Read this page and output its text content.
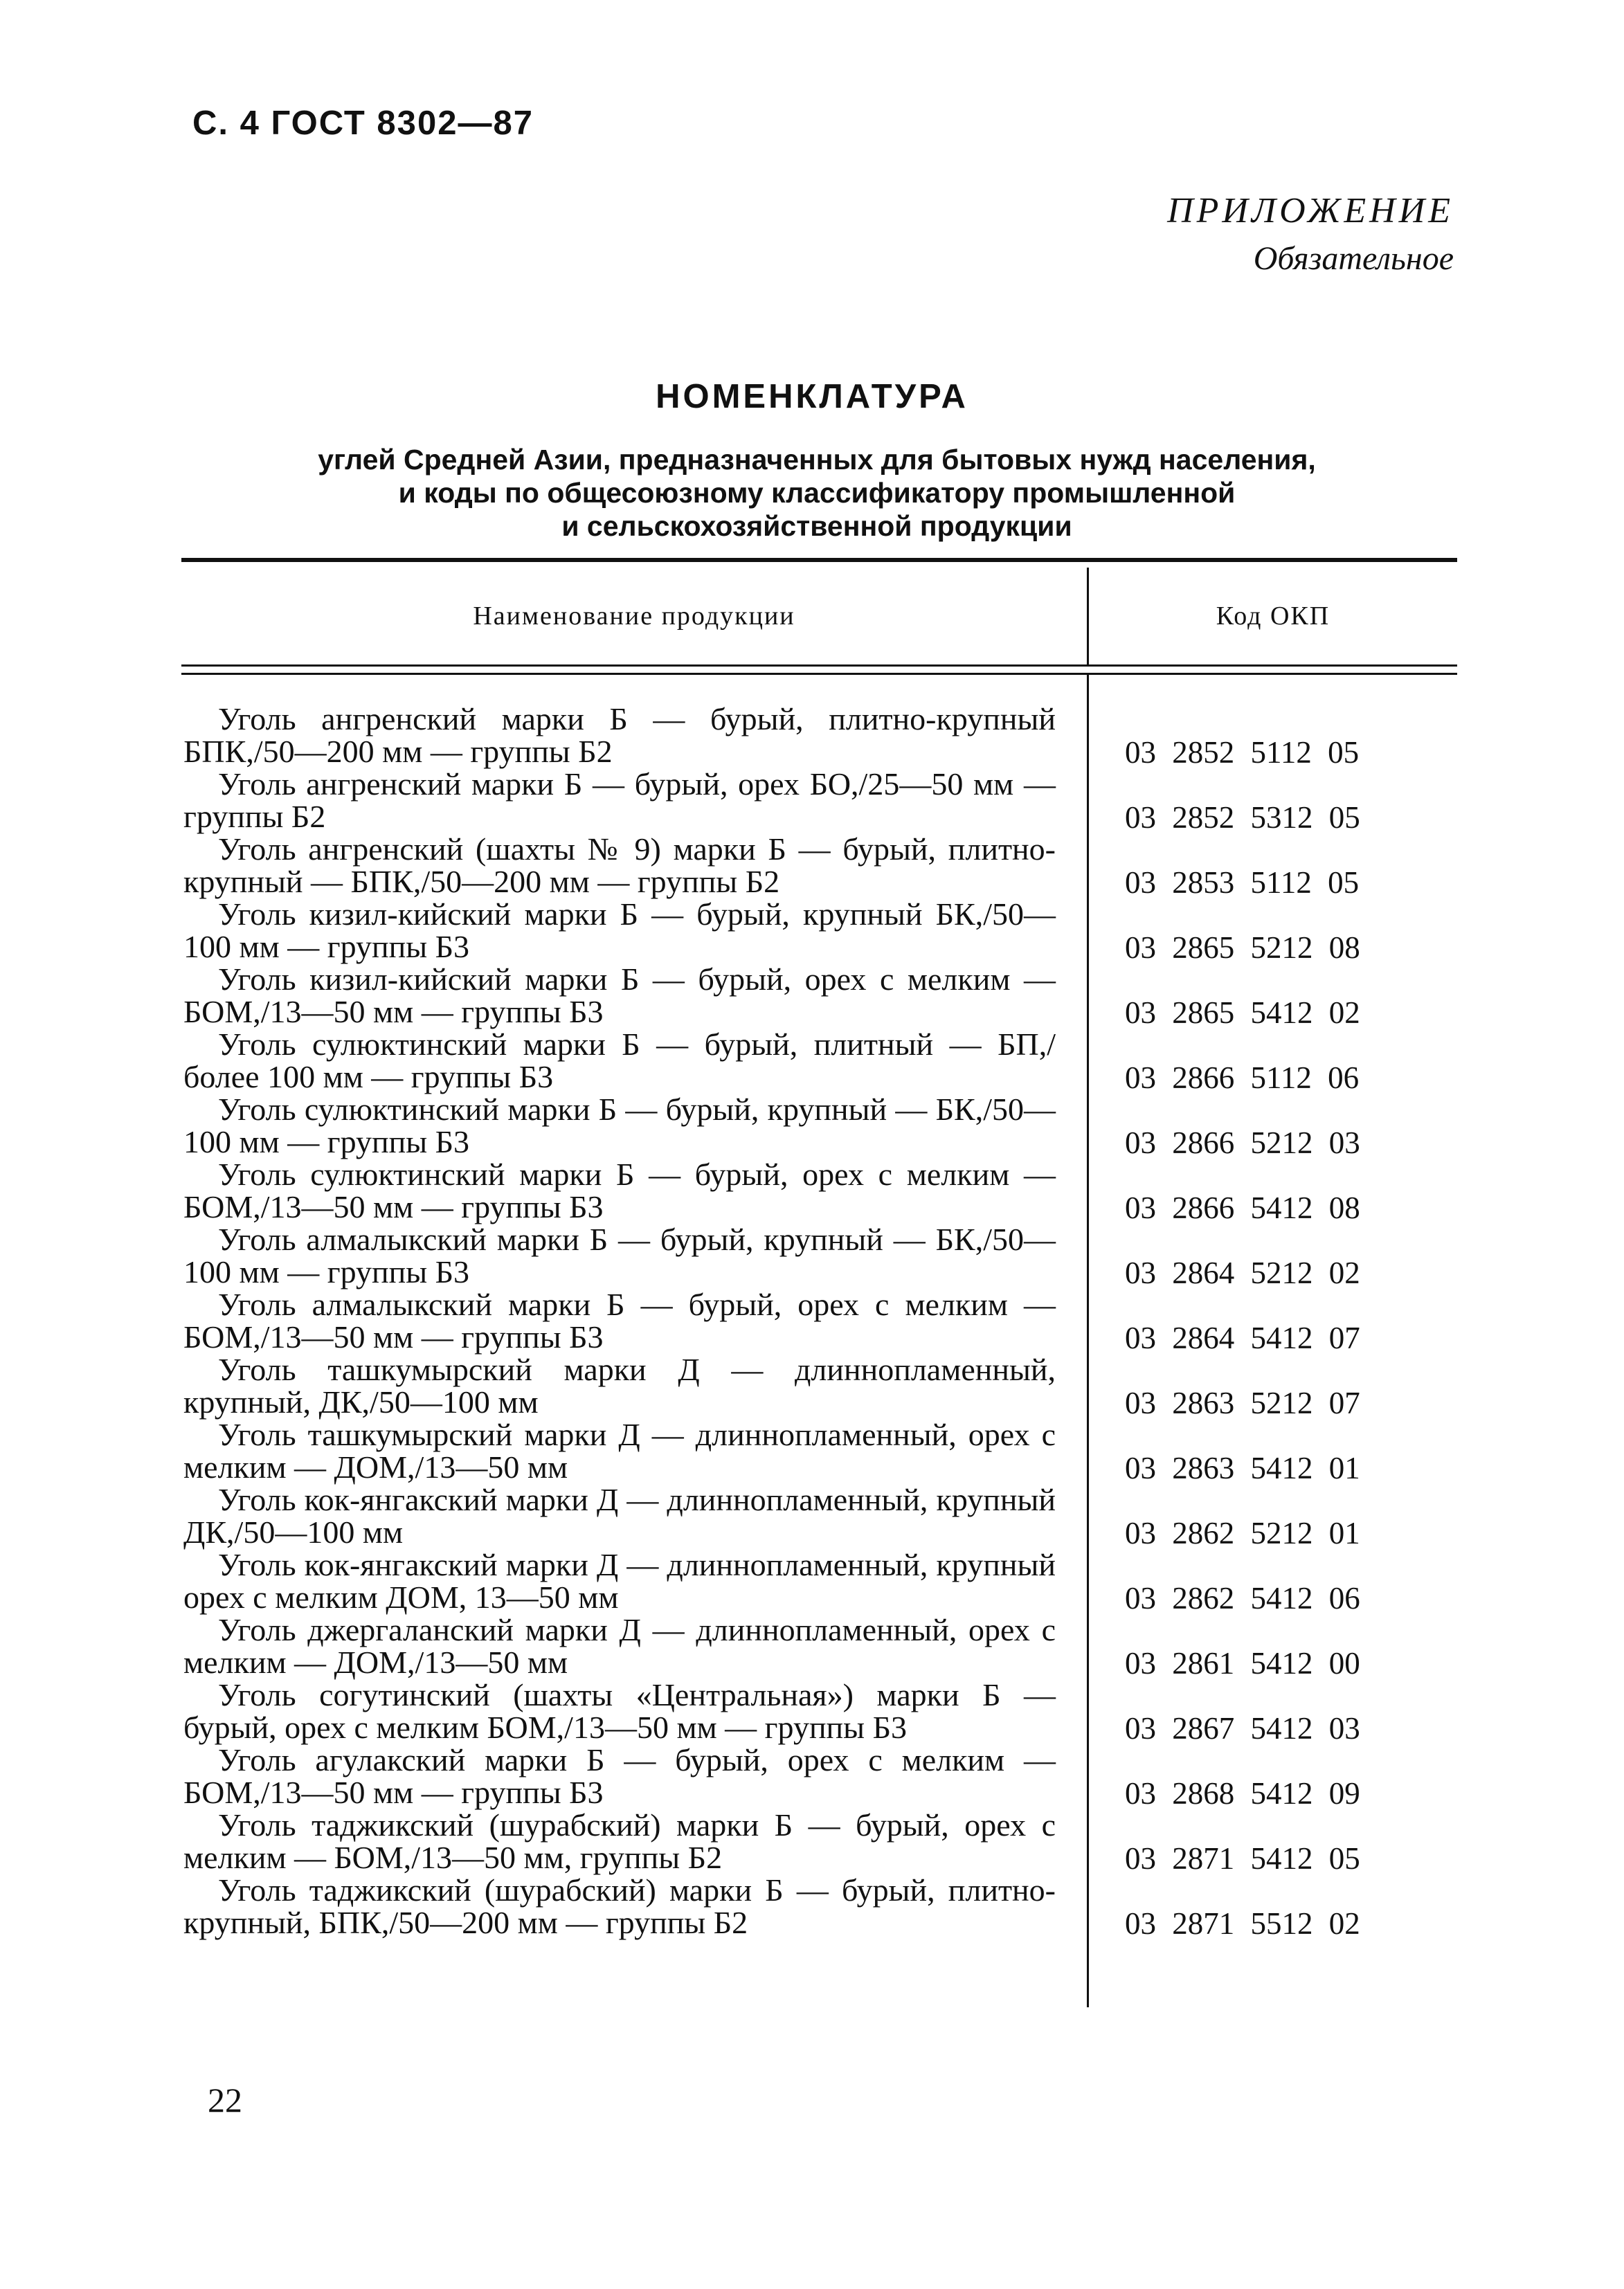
С. 4 ГОСТ 8302—87
ПРИЛОЖЕНИЕ
Обязательное
НОМЕНКЛАТУРА
углей Средней Азии, предназначенных для бытовых нужд населения,
и коды по общесоюзному классификатору промышленной
и сельскохозяйственной продукции
Наименование продукции	Код ОКП
Уголь ангренский марки Б — бурый, плитно-крупный БПК,/50—200 мм — группы Б2	03 2852 5112 05
Уголь ангренский марки Б — бурый, орех БО,/25—50 мм — группы Б2	03 2852 5312 05
Уголь ангренский (шахты № 9) марки Б — бурый, плитно-крупный — БПК,/50—200 мм — группы Б2	03 2853 5112 05
Уголь кизил-кийский марки Б — бурый, крупный БК,/50—100 мм — группы Б3	03 2865 5212 08
Уголь кизил-кийский марки Б — бурый, орех с мелким — БОМ,/13—50 мм — группы Б3	03 2865 5412 02
Уголь сулюктинский марки Б — бурый, плитный — БП,/более 100 мм — группы Б3	03 2866 5112 06
Уголь сулюктинский марки Б — бурый, крупный — БК,/50—100 мм — группы Б3	03 2866 5212 03
Уголь сулюктинский марки Б — бурый, орех с мелким — БОМ,/13—50 мм — группы Б3	03 2866 5412 08
Уголь алмалыкский марки Б — бурый, крупный — БК,/50—100 мм — группы Б3	03 2864 5212 02
Уголь алмалыкский марки Б — бурый, орех с мелким — БОМ,/13—50 мм — группы Б3	03 2864 5412 07
Уголь ташкумырский марки Д — длиннопламенный, крупный, ДК,/50—100 мм	03 2863 5212 07
Уголь ташкумырский марки Д — длиннопламенный, орех с мелким — ДОМ,/13—50 мм	03 2863 5412 01
Уголь кок-янгакский марки Д — длиннопламенный, крупный ДК,/50—100 мм	03 2862 5212 01
Уголь кок-янгакский марки Д — длиннопламенный, крупный орех с мелким ДОМ, 13—50 мм	03 2862 5412 06
Уголь джергаланский марки Д — длиннопламенный, орех с мелким — ДОМ,/13—50 мм	03 2861 5412 00
Уголь согутинский (шахты «Центральная») марки Б — бурый, орех с мелким БОМ,/13—50 мм — группы Б3	03 2867 5412 03
Уголь агулакский марки Б — бурый, орех с мелким — БОМ,/13—50 мм — группы Б3	03 2868 5412 09
Уголь таджикский (шурабский) марки Б — бурый, орех с мелким — БОМ,/13—50 мм, группы Б2	03 2871 5412 05
Уголь таджикский (шурабский) марки Б — бурый, плитно-крупный, БПК,/50—200 мм — группы Б2	03 2871 5512 02
22
